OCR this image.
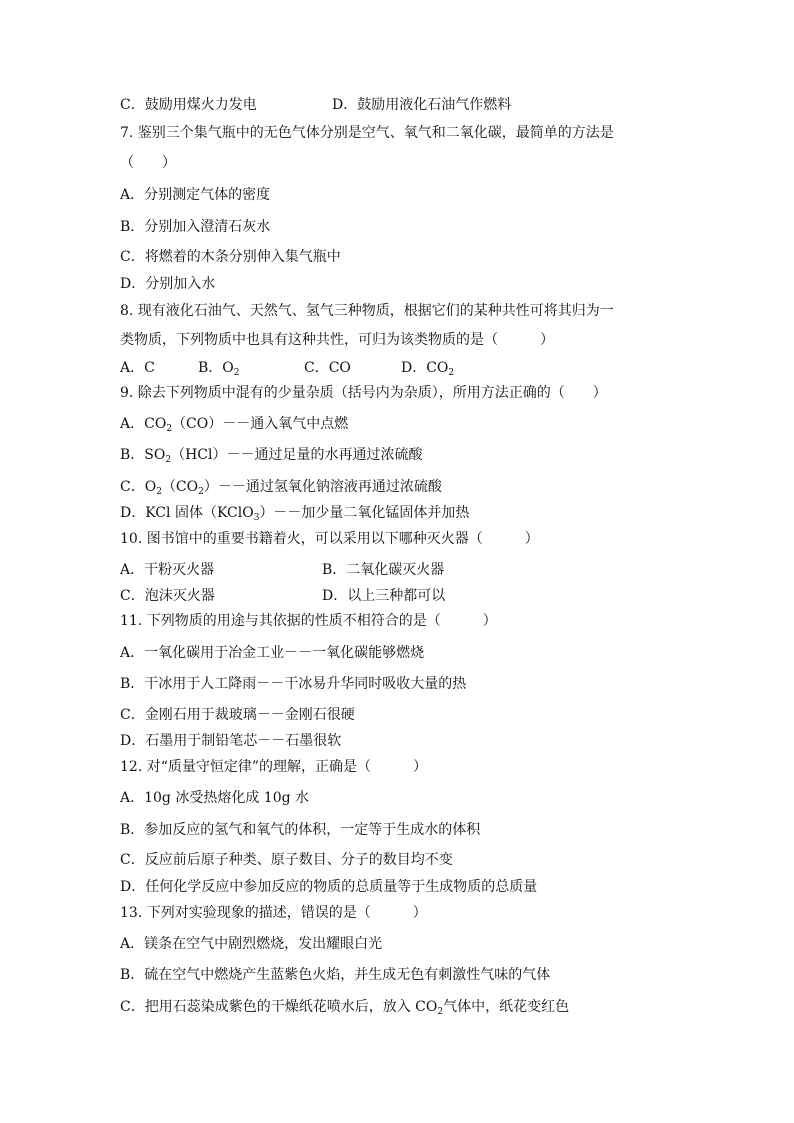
C．鼓励用煤火力发电	D．鼓励用液化石油气作燃料
7. 鉴别三个集气瓶中的无色气体分别是空气、氧气和二氧化碳，最简单的方法是
（　　）
A．分别测定气体的密度
B．分别加入澄清石灰水
C．将燃着的木条分别伸入集气瓶中
D．分别加入水
8. 现有液化石油气、天然气、氢气三种物质，根据它们的某种共性可将其归为一
类物质，下列物质中也具有这种共性，可归为该类物质的是（　　　）
A．C	B．$O_2$	C．CO	D．$CO_2$
9. 除去下列物质中混有的少量杂质（括号内为杂质），所用方法正确的（　　）
A．$CO_2(CO)--$通入氧气中点燃
B．$SO_2(HCl)--$通过足量的水再通过浓硫酸
C．$O_2(CO_2)--$通过氢氧化钠溶液再通过浓硫酸
D．KCl 固体（KClO$_3$）－－加少量二氧化锰固体并加热
10. 图书馆中的重要书籍着火，可以采用以下哪种灭火器（　　　）
A．干粉灭火器	B．二氧化碳灭火器
C．泡沫灭火器	D．以上三种都可以
11. 下列物质的用途与其依据的性质不相符合的是（　　　）
A．一氧化碳用于冶金工业－－一氧化碳能够燃烧
B．干冰用于人工降雨－－干冰易升华同时吸收大量的热
C．金刚石用于裁玻璃－－金刚石很硬
D．石墨用于制铅笔芯－－石墨很软
12. 对“质量守恒定律”的理解，正确是（　　　）
A．10g 冰受热熔化成 10g 水
B．参加反应的氢气和氧气的体积，一定等于生成水的体积
C．反应前后原子种类、原子数目、分子的数目均不变
D．任何化学反应中参加反应的物质的总质量等于生成物质的总质量
13. 下列对实验现象的描述，错误的是（　　　）
A．镁条在空气中剧烈燃烧，发出耀眼白光
B．硫在空气中燃烧产生蓝紫色火焰，并生成无色有刺激性气味的气体
C．把用石蕊染成紫色的干燥纸花喷水后，放入 $CO_2$气体中，纸花变红色
